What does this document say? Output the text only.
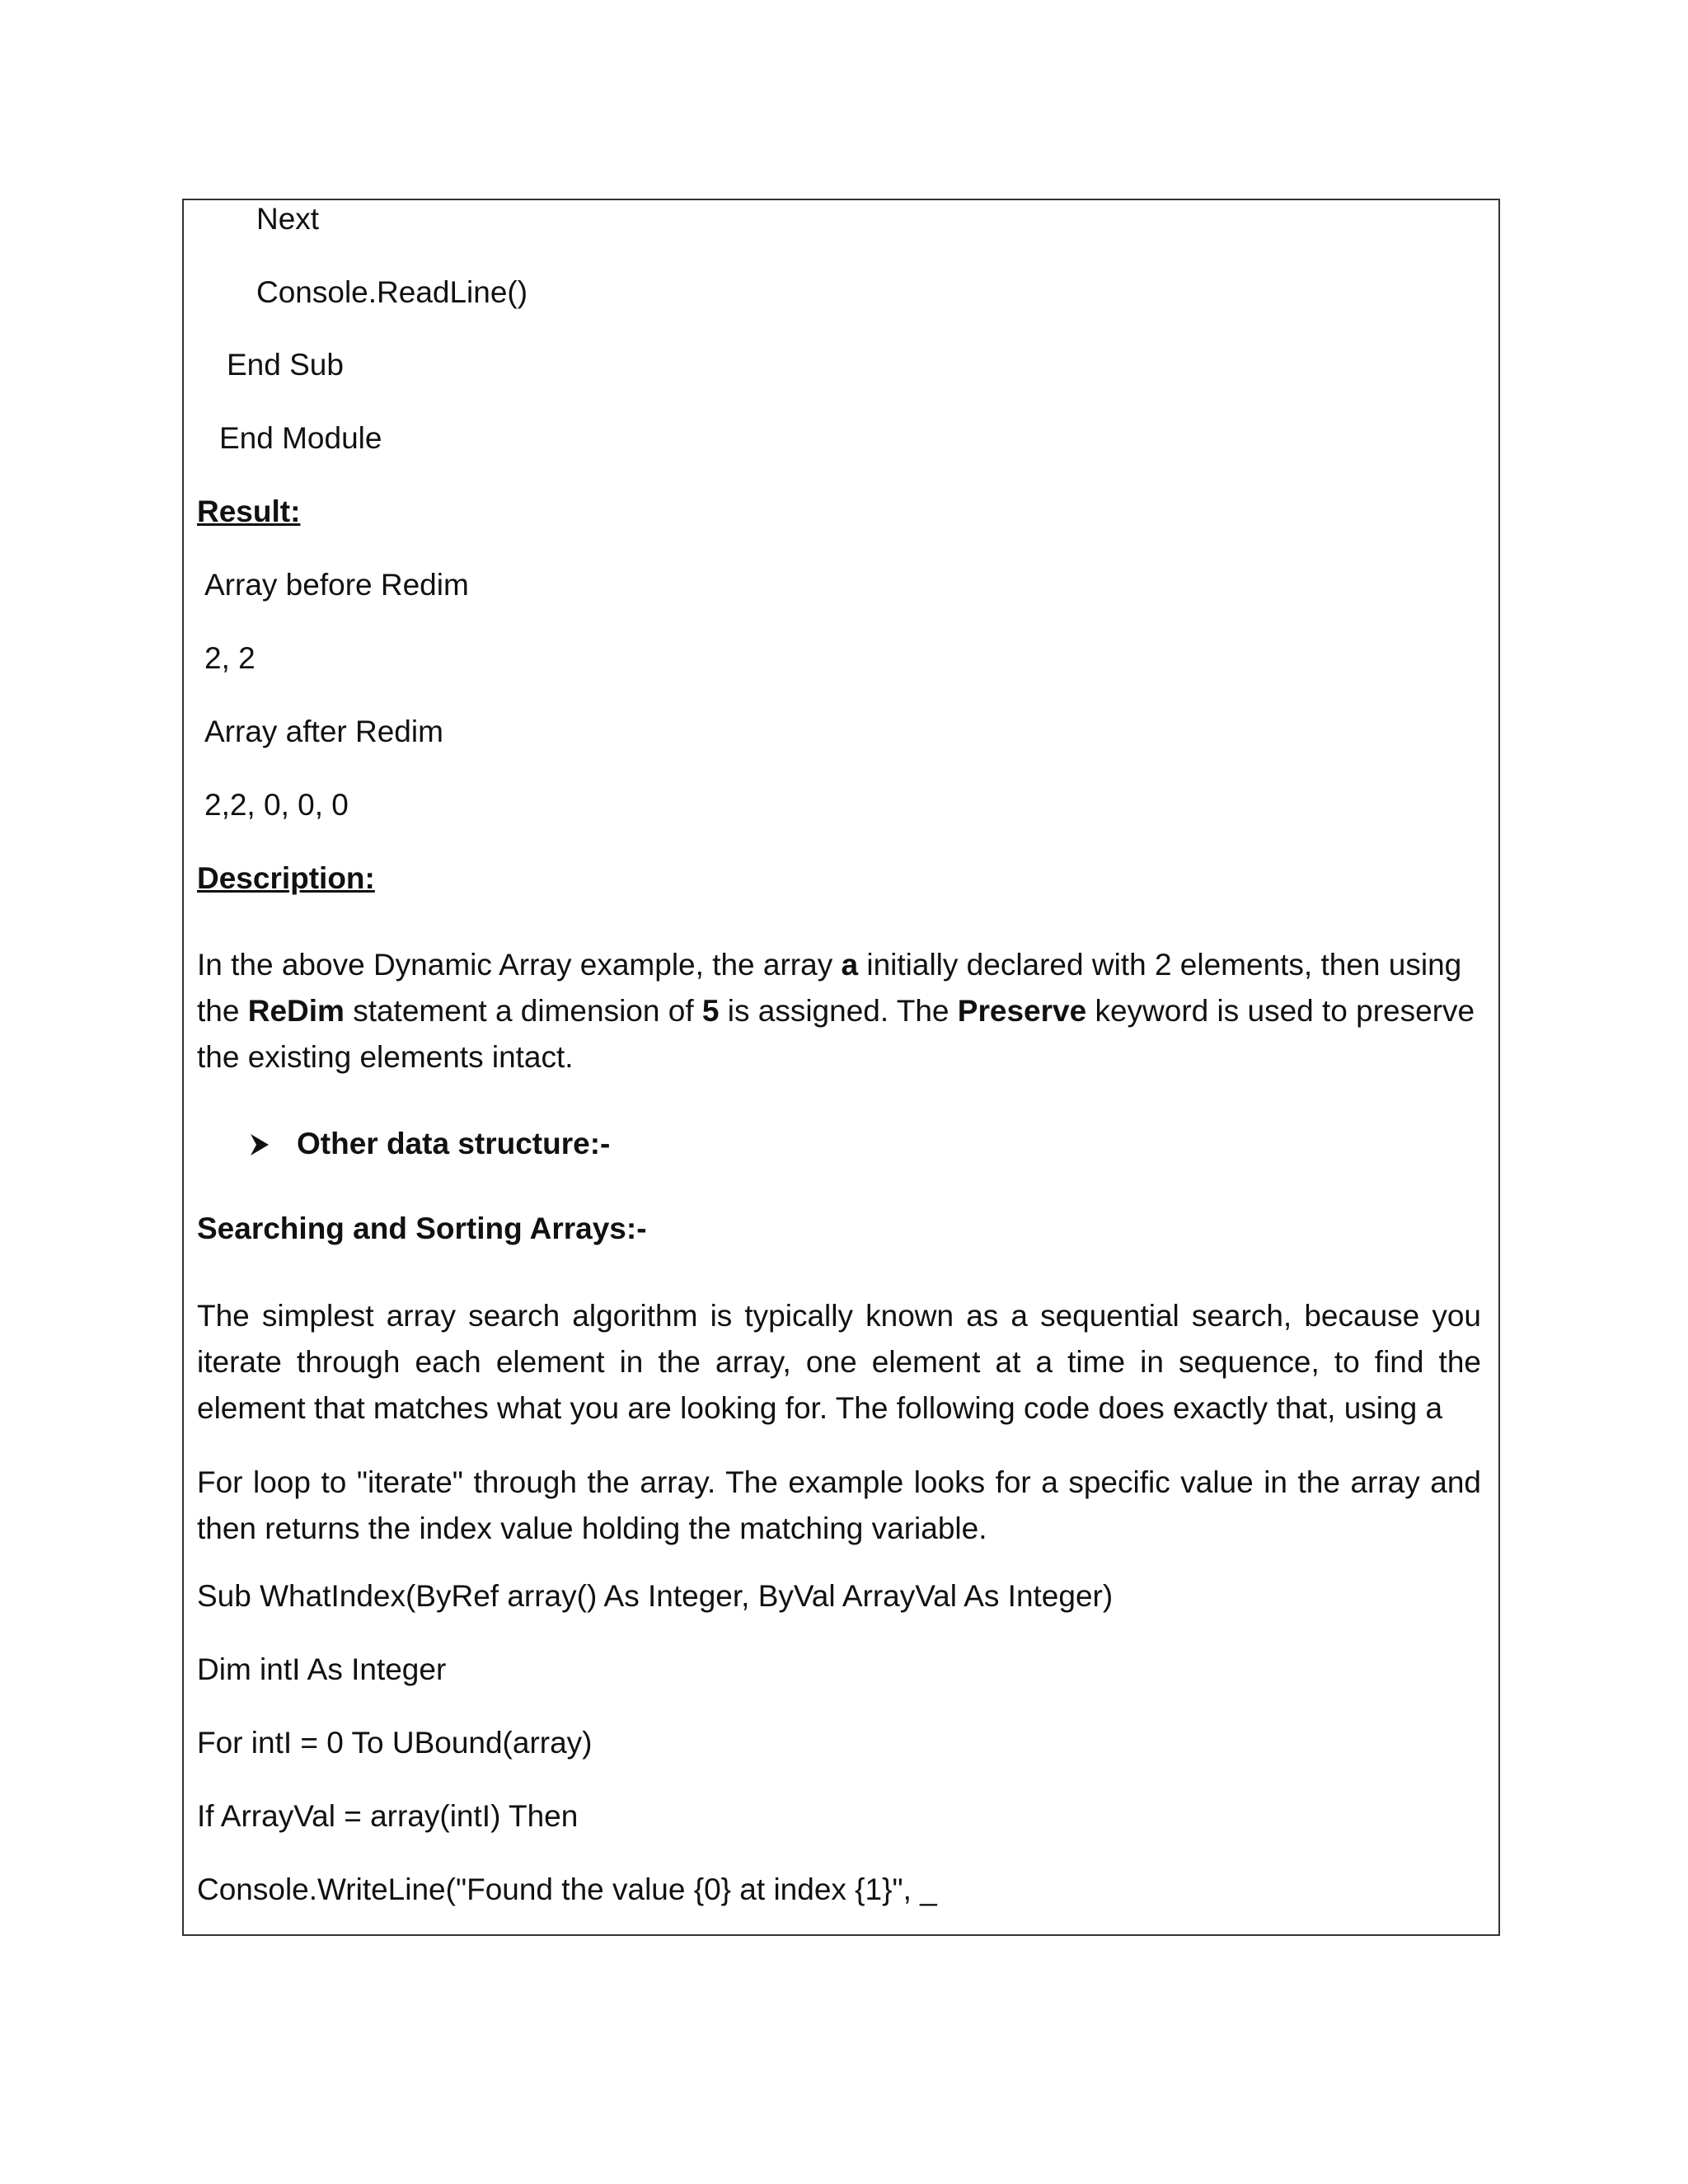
Next
Console.ReadLine()
End Sub
End Module
Result:
Array before Redim
2, 2
Array after Redim
2,2, 0, 0, 0
Description:
In the above Dynamic Array example, the array a initially declared with 2 elements, then using the ReDim statement a dimension of 5 is assigned. The Preserve keyword is used to preserve the existing elements intact.
Other data structure:-
Searching and Sorting Arrays:-
The simplest array search algorithm is typically known as a sequential search, because you iterate through each element in the array, one element at a time in sequence, to find the element that matches what you are looking for. The following code does exactly that, using a
For loop to "iterate" through the array. The example looks for a specific value in the array and then returns the index value holding the matching variable.
Sub WhatIndex(ByRef array() As Integer, ByVal ArrayVal As Integer)
Dim intI As Integer
For intI = 0 To UBound(array)
If ArrayVal = array(intI) Then
Console.WriteLine("Found the value {0} at index {1}", _
